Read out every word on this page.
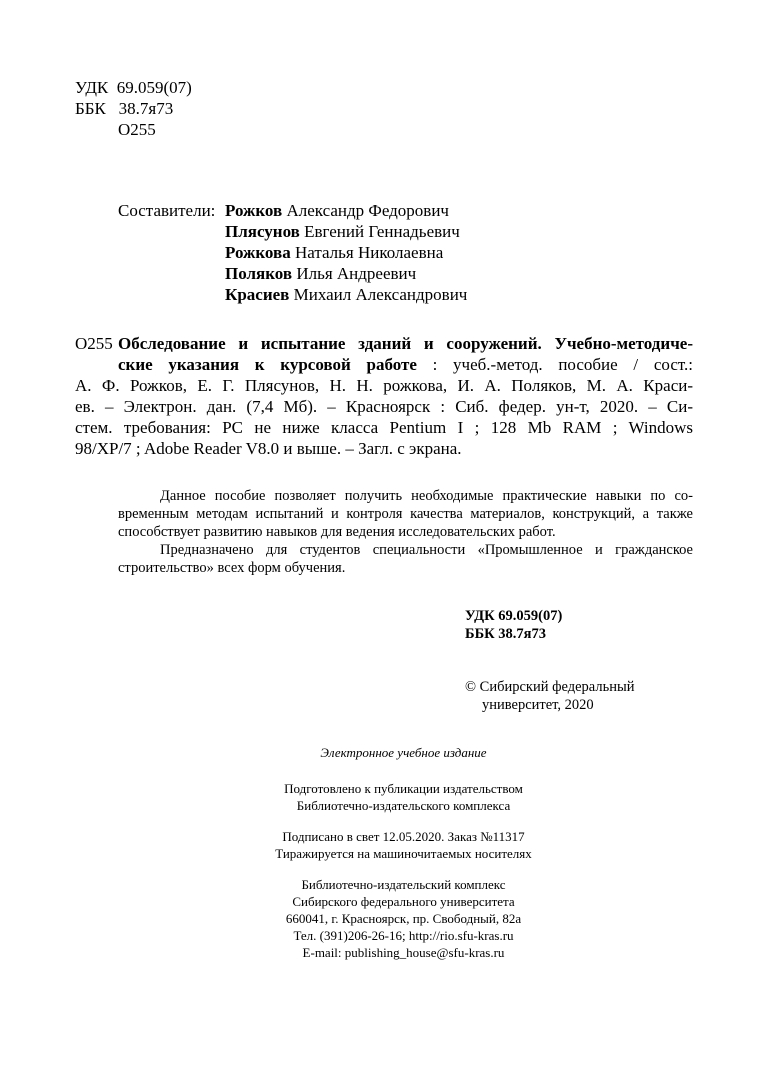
УДК 69.059(07)
ББК 38.7я73
О255
Составители: Рожков Александр Федорович
Плясунов Евгений Геннадьевич
Рожкова Наталья Николаевна
Поляков Илья Андреевич
Красиев Михаил Александрович
О255 Обследование и испытание зданий и сооружений. Учебно-методиче-
ские указания к курсовой работе : учеб.-метод. пособие / сост.:
А. Ф. Рожков, Е. Г. Плясунов, Н. Н. рожкова, И. А. Поляков, М. А. Краси-
ев. – Электрон. дан. (7,4 Мб). – Красноярск : Сиб. федер. ун-т, 2020. – Си-
стем. требования: PC не ниже класса Pentium I ; 128 Mb RAM ; Windows
98/XP/7 ; Adobe Reader V8.0 и выше. – Загл. с экрана.
Данное пособие позволяет получить необходимые практические навыки по со-
временным методам испытаний и контроля качества материалов, конструкций, а также
способствует развитию навыков для ведения исследовательских работ.
Предназначено для студентов специальности «Промышленное и гражданское
строительство» всех форм обучения.
УДК 69.059(07)
ББК 38.7я73
© Сибирский федеральный
университет, 2020
Электронное учебное издание
Подготовлено к публикации издательством
Библиотечно-издательского комплекса
Подписано в свет 12.05.2020. Заказ №11317
Тиражируется на машиночитаемых носителях
Библиотечно-издательский комплекс
Сибирского федерального университета
660041, г. Красноярск, пр. Свободный, 82а
Тел. (391)206-26-16; http://rio.sfu-kras.ru
E-mail: publishing_house@sfu-kras.ru
